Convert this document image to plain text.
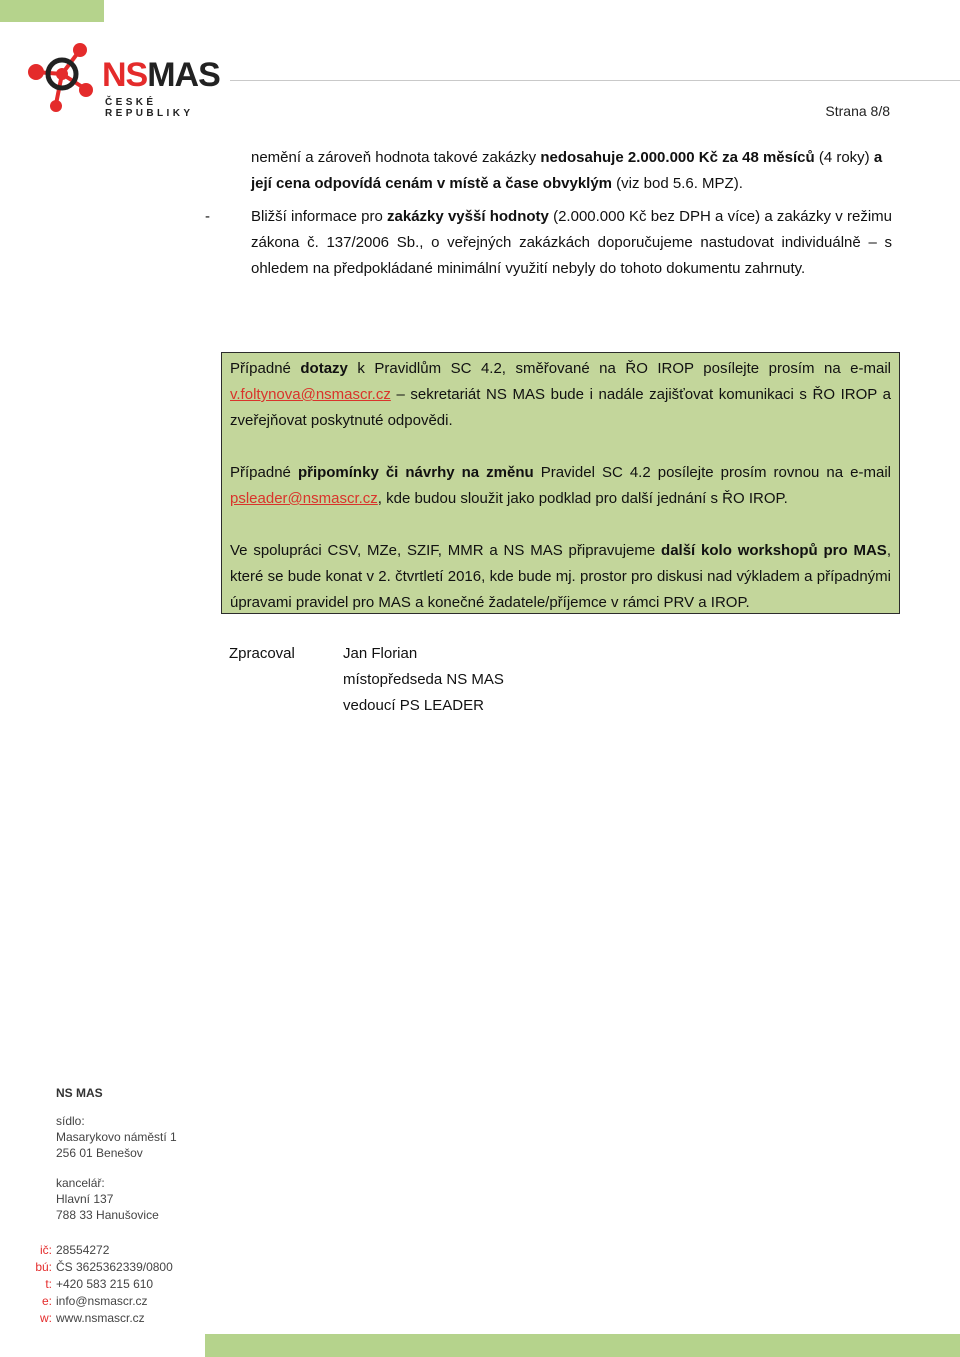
NSMAS
ČESKÉ REPUBLIKY	Strana 8/8
nemění a zároveň hodnota takové zakázky nedosahuje 2.000.000 Kč za 48 měsíců (4 roky) a její cena odpovídá cenám v místě a čase obvyklým (viz bod 5.6. MPZ).
-	Bližší informace pro zakázky vyšší hodnoty (2.000.000 Kč bez DPH a více) a zakázky v režimu zákona č. 137/2006 Sb., o veřejných zakázkách doporučujeme nastudovat individuálně – s ohledem na předpokládané minimální využití nebyly do tohoto dokumentu zahrnuty.

Případné dotazy k Pravidlům SC 4.2, směřované na ŘO IROP posílejte prosím na e-mail v.foltynova@nsmascr.cz – sekretariát NS MAS bude i nadále zajišťovat komunikaci s ŘO IROP a zveřejňovat poskytnuté odpovědi.

Případné připomínky či návrhy na změnu Pravidel SC 4.2 posílejte prosím rovnou na e-mail psleader@nsmascr.cz, kde budou sloužit jako podklad pro další jednání s ŘO IROP.

Ve spolupráci CSV, MZe, SZIF, MMR a NS MAS připravujeme další kolo workshopů pro MAS, které se bude konat v 2. čtvrtletí 2016, kde bude mj. prostor pro diskusi nad výkladem a případnými úpravami pravidel pro MAS a konečné žadatele/příjemce v rámci PRV a IROP.

Zpracoval	Jan Florian
místopředseda NS MAS
vedoucí PS LEADER
NS MAS
sídlo:
Masarykovo náměstí 1
256 01 Benešov
kancelář:
Hlavní 137
788 33 Hanušovice
ič: 28554272
bú: ČS 3625362339/0800
t: +420 583 215 610
e: info@nsmascr.cz
w: www.nsmascr.cz
